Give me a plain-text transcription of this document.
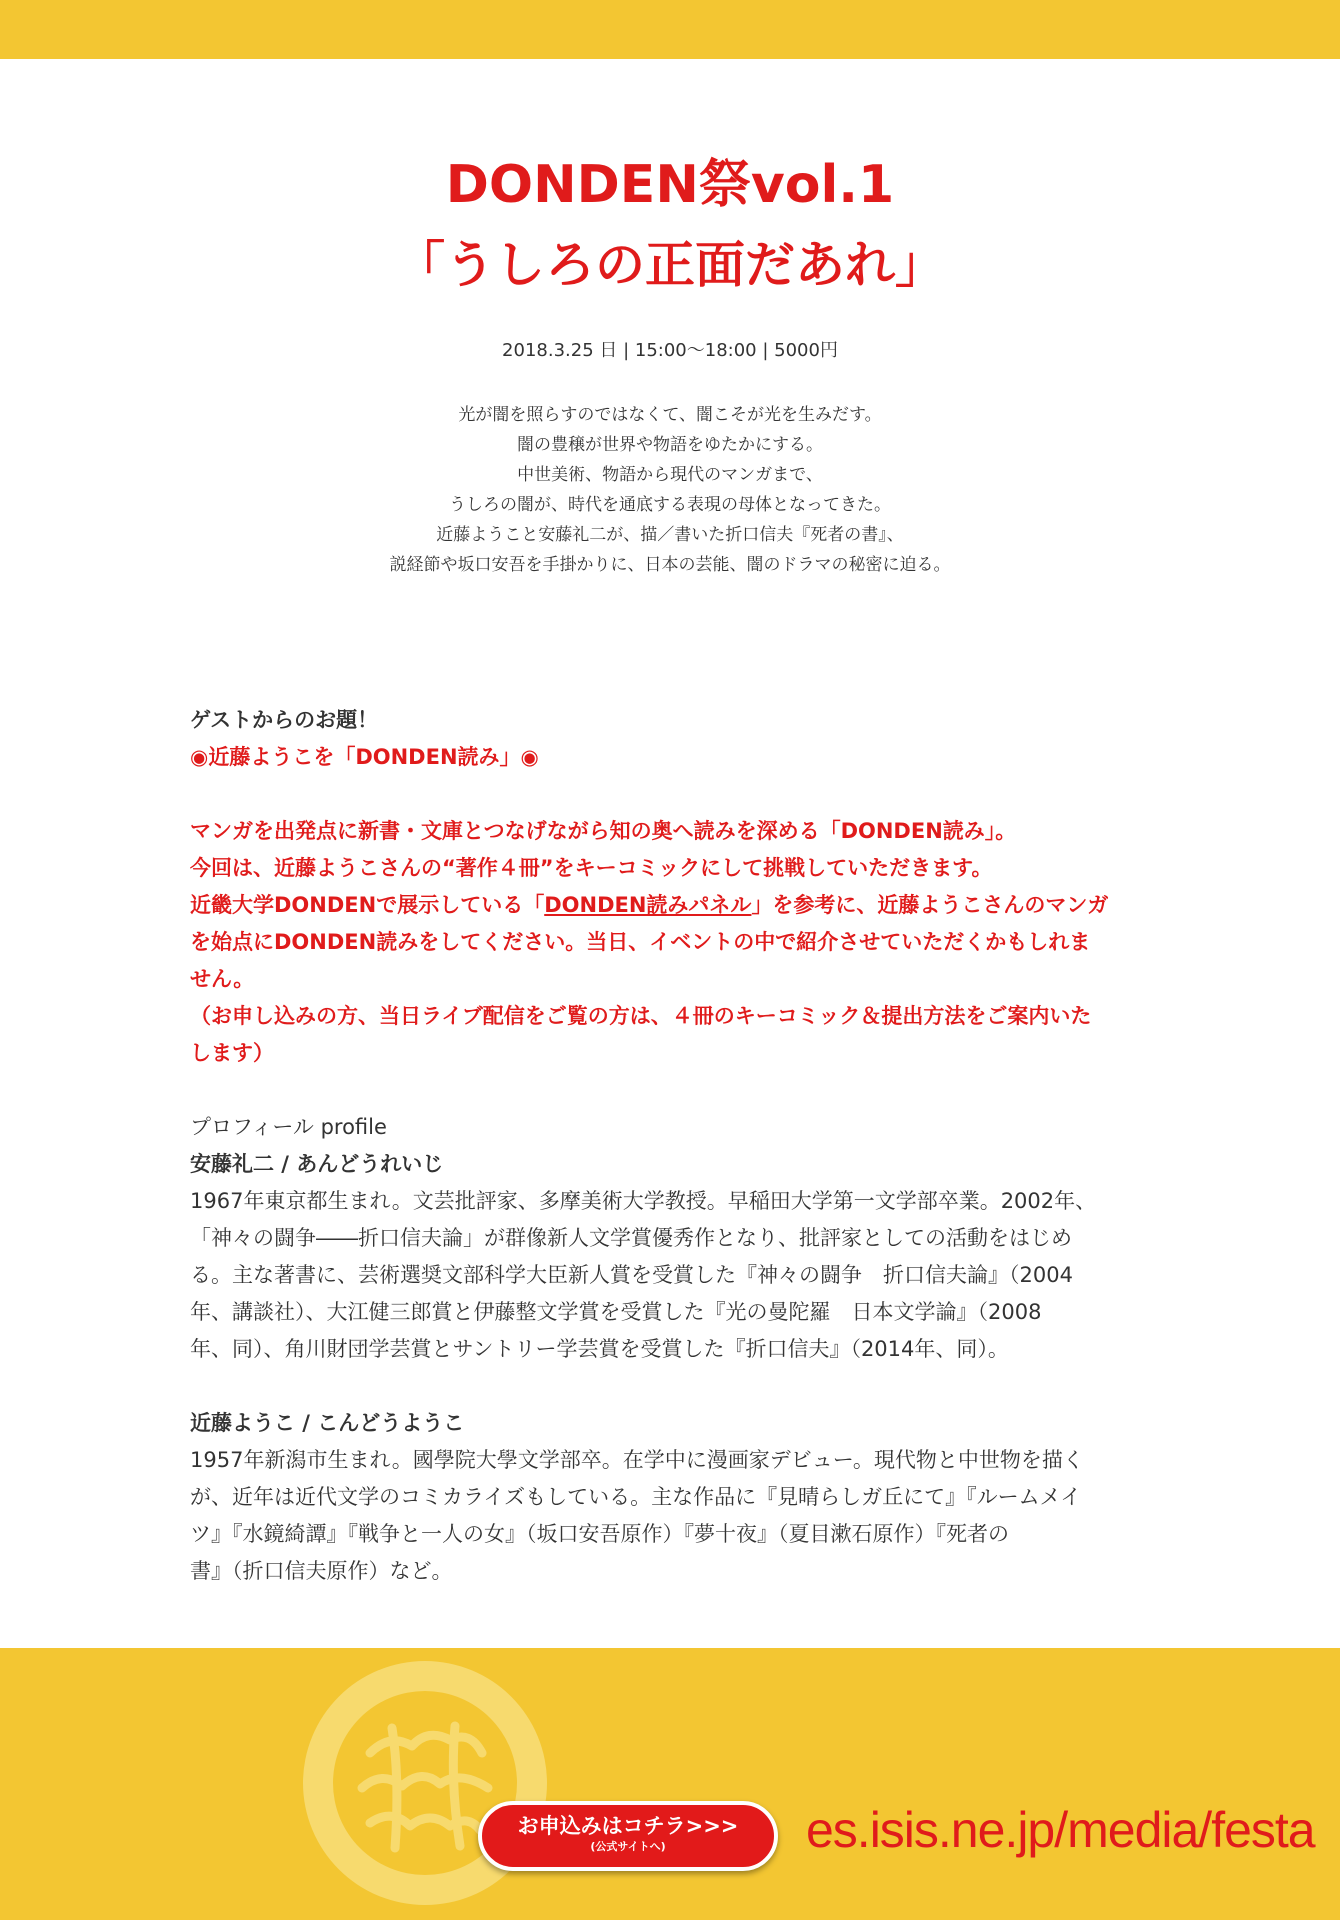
DONDEN祭vol.1
「うしろの正面だあれ」
2018.3.25 日 | 15:00〜18:00 | 5000円
光が闇を照らすのではなくて、闇こそが光を生みだす。
闇の豊穣が世界や物語をゆたかにする。
中世美術、物語から現代のマンガまで、
うしろの闇が、時代を通底する表現の母体となってきた。
近藤ようこと安藤礼二が、描／書いた折口信夫『死者の書』、
説経節や坂口安吾を手掛かりに、日本の芸能、闇のドラマの秘密に迫る。
ゲストからのお題！
◉近藤ようこを「DONDEN読み」◉
マンガを出発点に新書・文庫とつなげながら知の奥へ読みを深める「DONDEN読み」。
今回は、近藤ようこさんの“著作４冊”をキーコミックにして挑戦していただきます。
近畿大学DONDENで展示している「DONDEN読みパネル」を参考に、近藤ようこさんのマンガ
を始点にDONDEN読みをしてください。当日、イベントの中で紹介させていただくかもしれま
せん。
（お申し込みの方、当日ライブ配信をご覧の方は、４冊のキーコミック＆提出方法をご案内いた
します）
プロフィール profile
安藤礼二 / あんどうれいじ
1967年東京都生まれ。文芸批評家、多摩美術大学教授。早稲田大学第一文学部卒業。2002年、
「神々の闘争――折口信夫論」が群像新人文学賞優秀作となり、批評家としての活動をはじめ
る。主な著書に、芸術選奨文部科学大臣新人賞を受賞した『神々の闘争　折口信夫論』（2004
年、講談社）、大江健三郎賞と伊藤整文学賞を受賞した『光の曼陀羅　日本文学論』（2008
年、同）、角川財団学芸賞とサントリー学芸賞を受賞した『折口信夫』（2014年、同）。
近藤ようこ / こんどうようこ
1957年新潟市生まれ。國學院大學文学部卒。在学中に漫画家デビュー。現代物と中世物を描く
が、近年は近代文学のコミカライズもしている。主な作品に『見晴らしガ丘にて』『ルームメイ
ツ』『水鏡綺譚』『戦争と一人の女』（坂口安吾原作）『夢十夜』（夏目漱石原作）『死者の
書』（折口信夫原作）など。
お申込みはコチラ>>>
(公式サイトへ)	es.isis.ne.jp/media/festa
